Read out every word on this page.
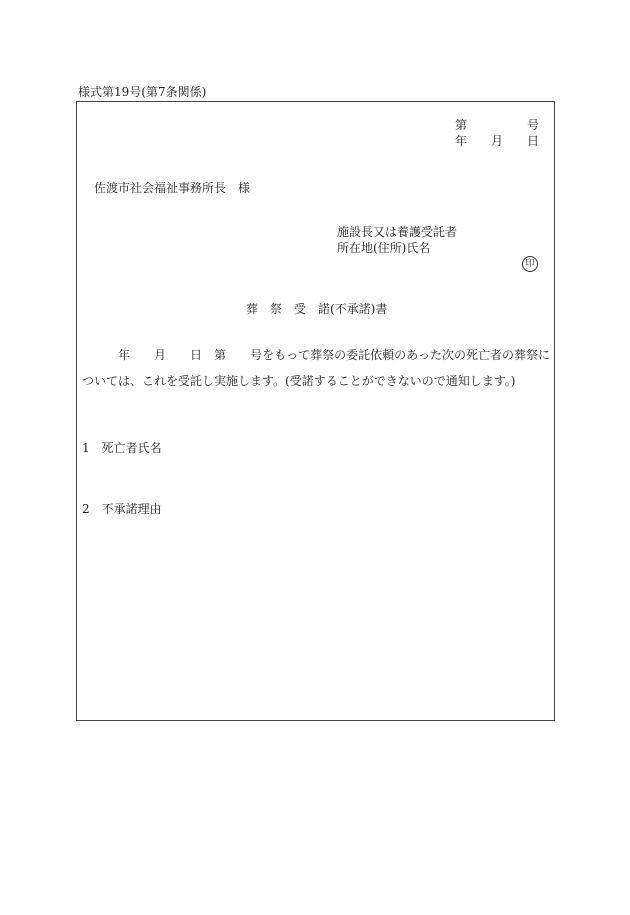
様式第19号(第7条関係)
第	号
年 月 日
佐渡市社会福祉事務所長　様
施設長又は養護受託者
所在地(住所)氏名
印
葬　祭　受　諾(不承諾)書
年 月 日 第 号をもって葬祭の委託依頼のあった次の死亡者の葬祭に
ついては、これを受託し実施します。(受諾することができないので通知します。)
1 死亡者氏名
2 不承諾理由
